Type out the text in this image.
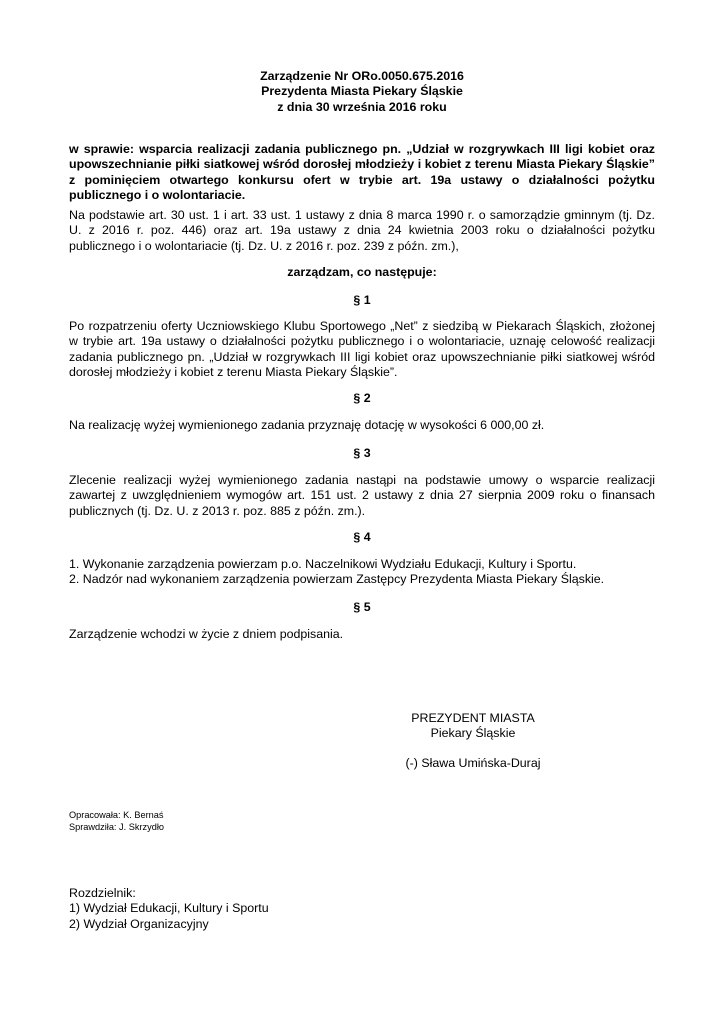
Zarządzenie Nr ORo.0050.675.2016
Prezydenta Miasta Piekary Śląskie
z dnia 30 września 2016 roku
w sprawie: wsparcia realizacji zadania publicznego pn. „Udział w rozgrywkach III ligi kobiet oraz upowszechnianie piłki siatkowej wśród dorosłej młodzieży i kobiet z terenu Miasta Piekary Śląskie” z pominięciem otwartego konkursu ofert w trybie art. 19a ustawy o działalności pożytku publicznego i o wolontariacie.
Na podstawie art. 30 ust. 1 i art. 33 ust. 1 ustawy z dnia 8 marca 1990 r. o samorządzie gminnym (tj. Dz. U. z 2016 r. poz. 446) oraz art. 19a ustawy z dnia 24 kwietnia 2003 roku o działalności pożytku publicznego i o wolontariacie (tj. Dz. U. z 2016 r. poz. 239 z późn. zm.),
zarządzam, co następuje:
§ 1
Po rozpatrzeniu oferty Uczniowskiego Klubu Sportowego „Net” z siedzibą w Piekarach Śląskich, złożonej w trybie art. 19a ustawy o działalności pożytku publicznego i o wolontariacie, uznaję celowość realizacji zadania publicznego pn. „Udział w rozgrywkach III ligi kobiet oraz upowszechnianie piłki siatkowej wśród dorosłej młodzieży i kobiet z terenu Miasta Piekary Śląskie”.
§ 2
Na realizację wyżej wymienionego zadania przyznaję dotację w wysokości 6 000,00 zł.
§ 3
Zlecenie realizacji wyżej wymienionego zadania nastąpi na podstawie umowy o wsparcie realizacji zawartej z uwzględnieniem wymogów art. 151 ust. 2 ustawy z dnia 27 sierpnia 2009 roku o finansach publicznych (tj. Dz. U. z 2013 r. poz. 885 z późn. zm.).
§ 4
1. Wykonanie zarządzenia powierzam p.o. Naczelnikowi Wydziału Edukacji, Kultury i Sportu.
2. Nadzór nad wykonaniem zarządzenia powierzam Zastępcy Prezydenta Miasta Piekary Śląskie.
§ 5
Zarządzenie wchodzi w życie z dniem podpisania.
PREZYDENT MIASTA
Piekary Śląskie
(-) Sława Umińska-Duraj
Opracowała: K. Bernaś
Sprawdziła: J. Skrzydło
Rozdzielnik:
1) Wydział Edukacji, Kultury i Sportu
2) Wydział Organizacyjny
